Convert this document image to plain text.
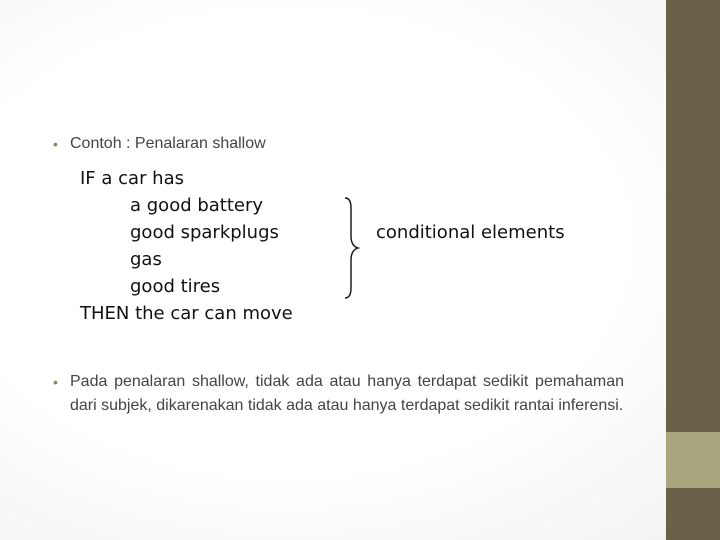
• Contoh : Penalaran shallow
IF a car has
a good battery
good sparkplugs
gas
good tires
THEN the car can move
conditional elements
• Pada penalaran shallow, tidak ada atau hanya terdapat sedikit pemahaman dari subjek, dikarenakan tidak ada atau hanya terdapat sedikit rantai inferensi.
